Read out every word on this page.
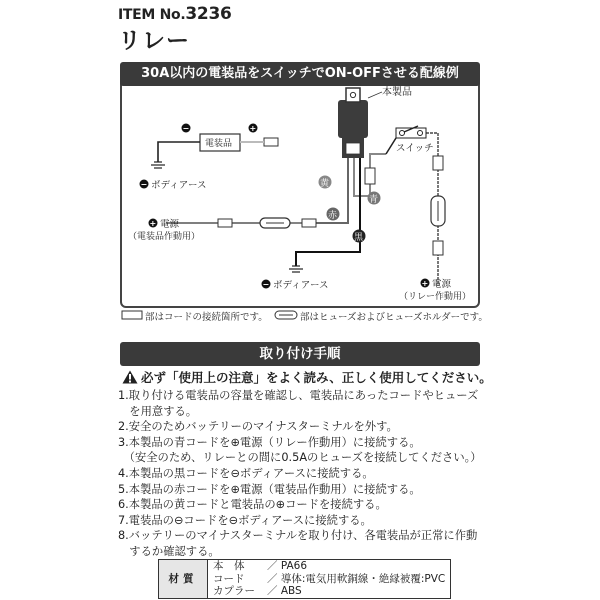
ITEM No.3236
リレー
30A以内の電装品をスイッチでON-OFFさせる配線例
本製品
電装品
−	+
− ボディアース	黄
青
スイッチ
+ 電源
（リレー作動用）
赤
+ 電源
（電装品作動用）	黒
− ボディアース
部はコードの接続箇所です。	部はヒューズおよびヒューズホルダーです。
取り付け手順
必ず「使用上の注意」をよく読み、正しく使用してください。
1.取り付ける電装品の容量を確認し、電装品にあったコードやヒューズ
　を用意する。
2.安全のためバッテリーのマイナスターミナルを外す。
3.本製品の青コードを⊕電源（リレー作動用）に接続する。
　（安全のため、リレーとの間に0.5Aのヒューズを接続してください。）
4.本製品の黒コードを⊖ボディアースに接続する。
5.本製品の赤コードを⊕電源（電装品作動用）に接続する。
6.本製品の黄コードと電装品の⊕コードを接続する。
7.電装品の⊖コードを⊖ボディアースに接続する。
8.バッテリーのマイナスターミナルを取り付け、各電装品が正常に作動
　するか確認する。
材質	
本　体 ／ PA66
コード ／ 導体:電気用軟銅線・絶縁被覆:PVC
カプラー ／ ABS
